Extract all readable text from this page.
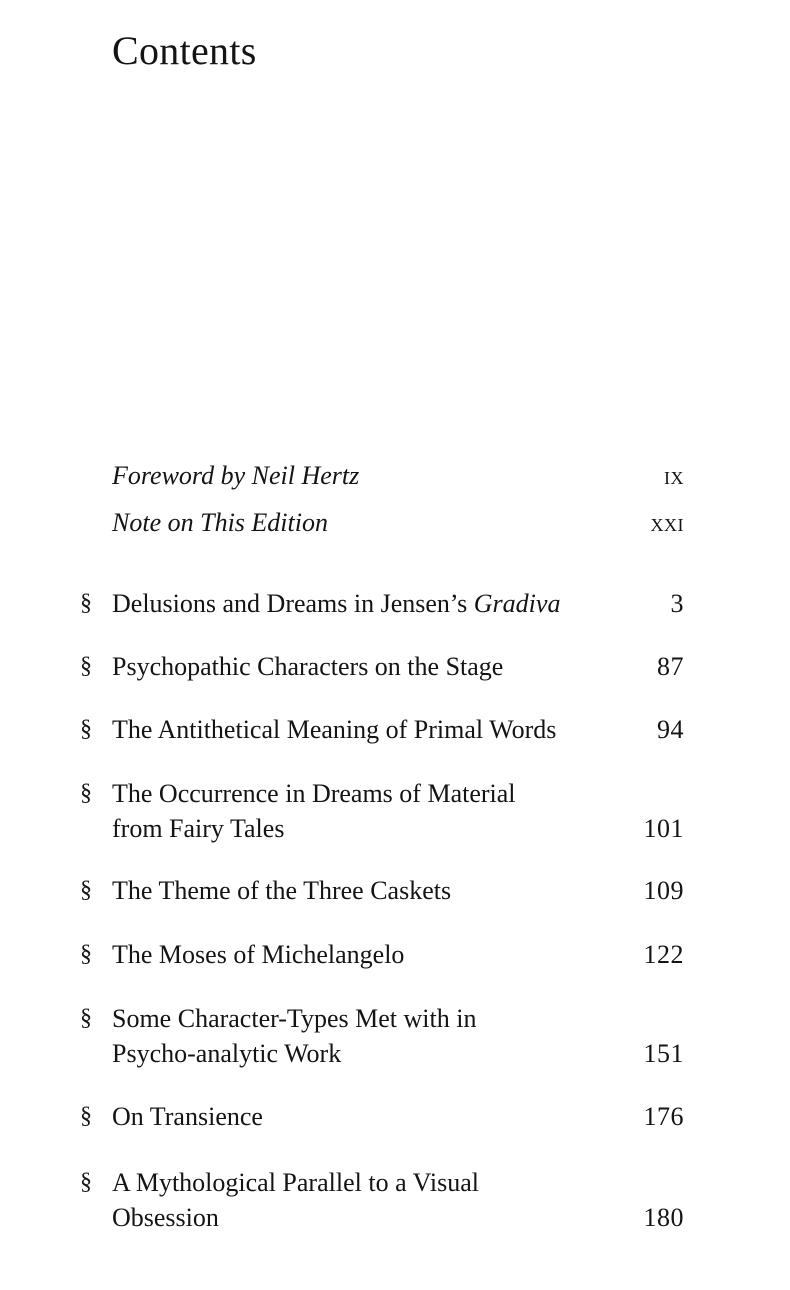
Contents
Foreword by Neil Hertz	ix
Note on This Edition	xxi
§ Delusions and Dreams in Jensen’s Gradiva	3
§ Psychopathic Characters on the Stage	87
§ The Antithetical Meaning of Primal Words	94
§ The Occurrence in Dreams of Material
from Fairy Tales	101
§ The Theme of the Three Caskets	109
§ The Moses of Michelangelo	122
§ Some Character-Types Met with in
Psycho-analytic Work	151
§ On Transience	176
§ A Mythological Parallel to a Visual
Obsession	180
